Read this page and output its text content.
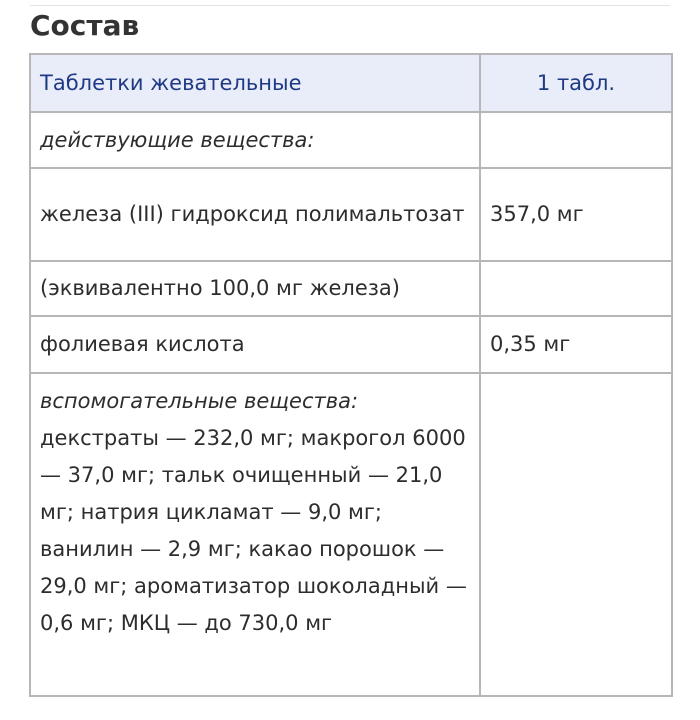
Состав
Таблетки жевательные	1 табл.
действующие вещества:	
железа (III) гидроксид полимальтозат	357,0 мг
(эквивалентно 100,0 мг железа)	
фолиевая кислота	0,35 мг

вспомогательные вещества:
декстраты — 232,0 мг; макрогол 6000 — 37,0 мг; тальк очищенный — 21,0 мг; натрия цикламат — 9,0 мг; ванилин — 2,9 мг; какао порошок — 29,0 мг; ароматизатор шоколадный — 0,6 мг; МКЦ — до 730,0 мг	
